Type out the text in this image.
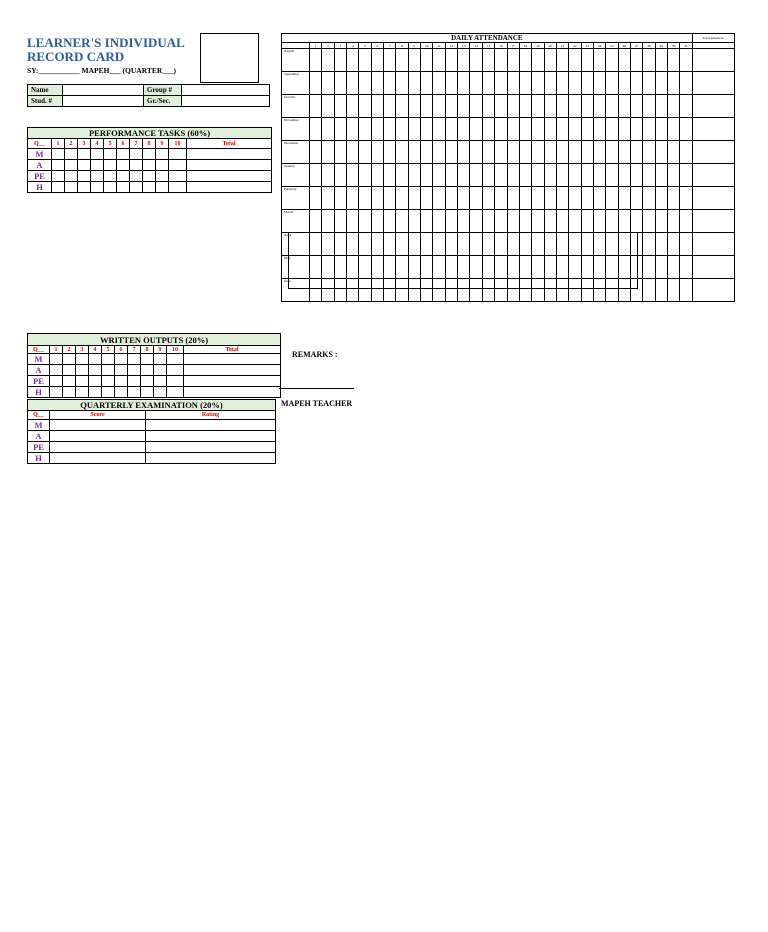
LEARNER'S INDIVIDUAL
RECORD CARD
SY:___________ MAPEH___ (QUARTER___)
Name		Group #	
Stud. #		Gr./Sec.	
PERFORMANCE TASKS (60%)											
Q__	1	2	3	4	5	6	7	8	9	10	Total
M											
A											
PE											
H											
DAILY ATTENDANCE																																Total Absences
	1	2	3	4	5	6	7	8	9	10	11	12	13	14	15	16	17	18	19	20	21	22	23	24	25	26	27	28	29	30	31	
August																																
September																																
October																																
November																																
December																																
January																																
February																																
March																																
April																																
May																																
June																																
WRITTEN OUTPUTS (20%)											
Q__	1	2	3	4	5	6	7	8	9	10	Total
M											
A											
PE											
H											
QUARTERLY EXAMINATION (20%)		
Q__	Score	Rating
M		
A		
PE		
H		
REMARKS :
MAPEH TEACHER
